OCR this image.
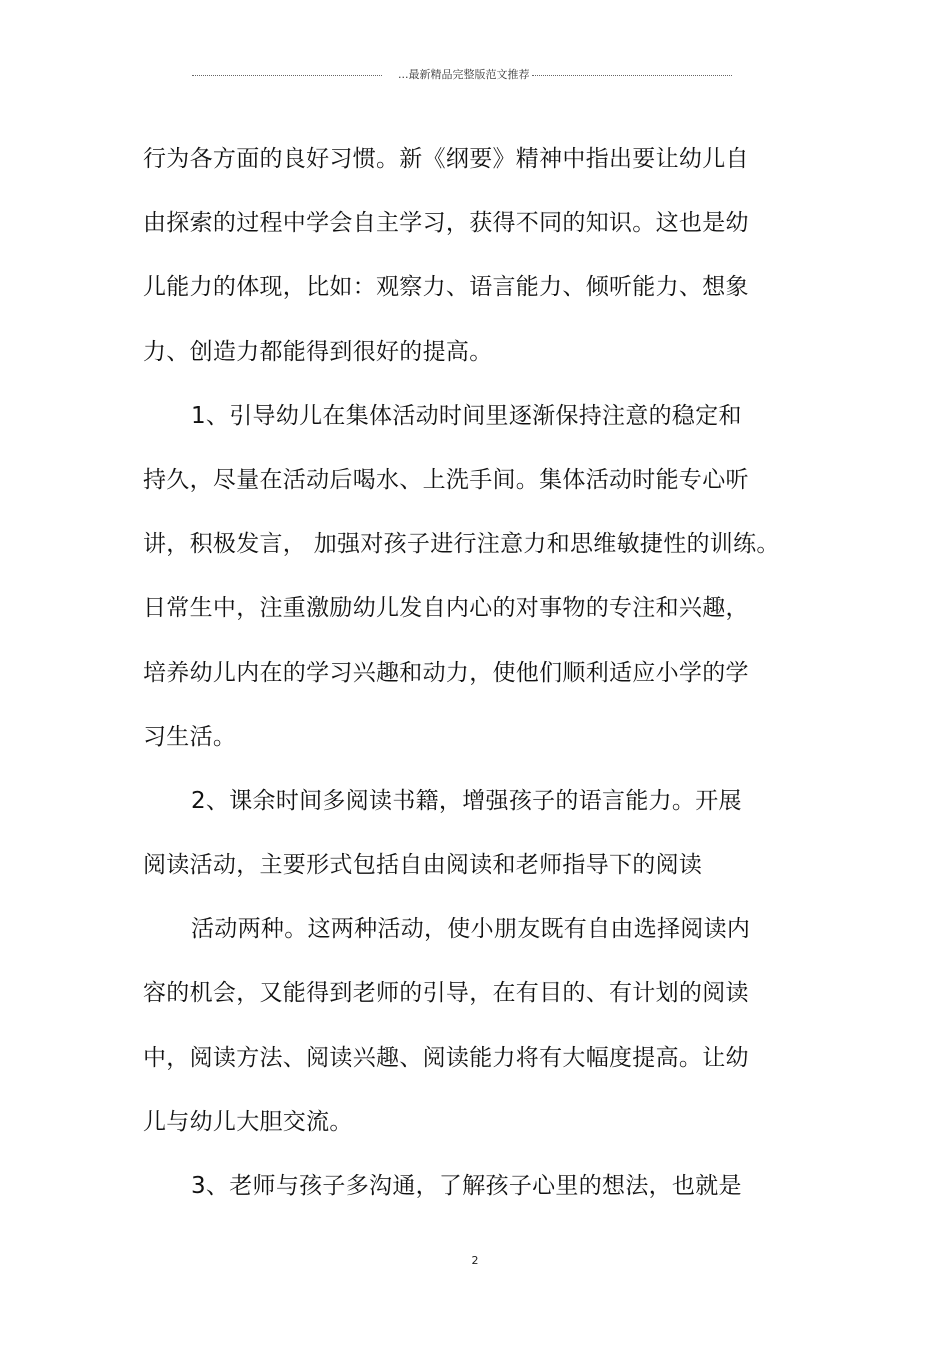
...最新精品完整版范文推荐
行为各方面的良好习惯。新《纲要》精神中指出要让幼儿自
由探索的过程中学会自主学习，获得不同的知识。这也是幼
儿能力的体现，比如：观察力、语言能力、倾听能力、想象
力、创造力都能得到很好的提高。
1、引导幼儿在集体活动时间里逐渐保持注意的稳定和
持久，尽量在活动后喝水、上洗手间。集体活动时能专心听
讲，积极发言， 加强对孩子进行注意力和思维敏捷性的训练。
日常生中，注重激励幼儿发自内心的对事物的专注和兴趣，
培养幼儿内在的学习兴趣和动力，使他们顺利适应小学的学
习生活。
2、课余时间多阅读书籍，增强孩子的语言能力。开展
阅读活动，主要形式包括自由阅读和老师指导下的阅读
活动两种。这两种活动，使小朋友既有自由选择阅读内
容的机会，又能得到老师的引导，在有目的、有计划的阅读
中，阅读方法、阅读兴趣、阅读能力将有大幅度提高。让幼
儿与幼儿大胆交流。
3、老师与孩子多沟通，了解孩子心里的想法，也就是
2
